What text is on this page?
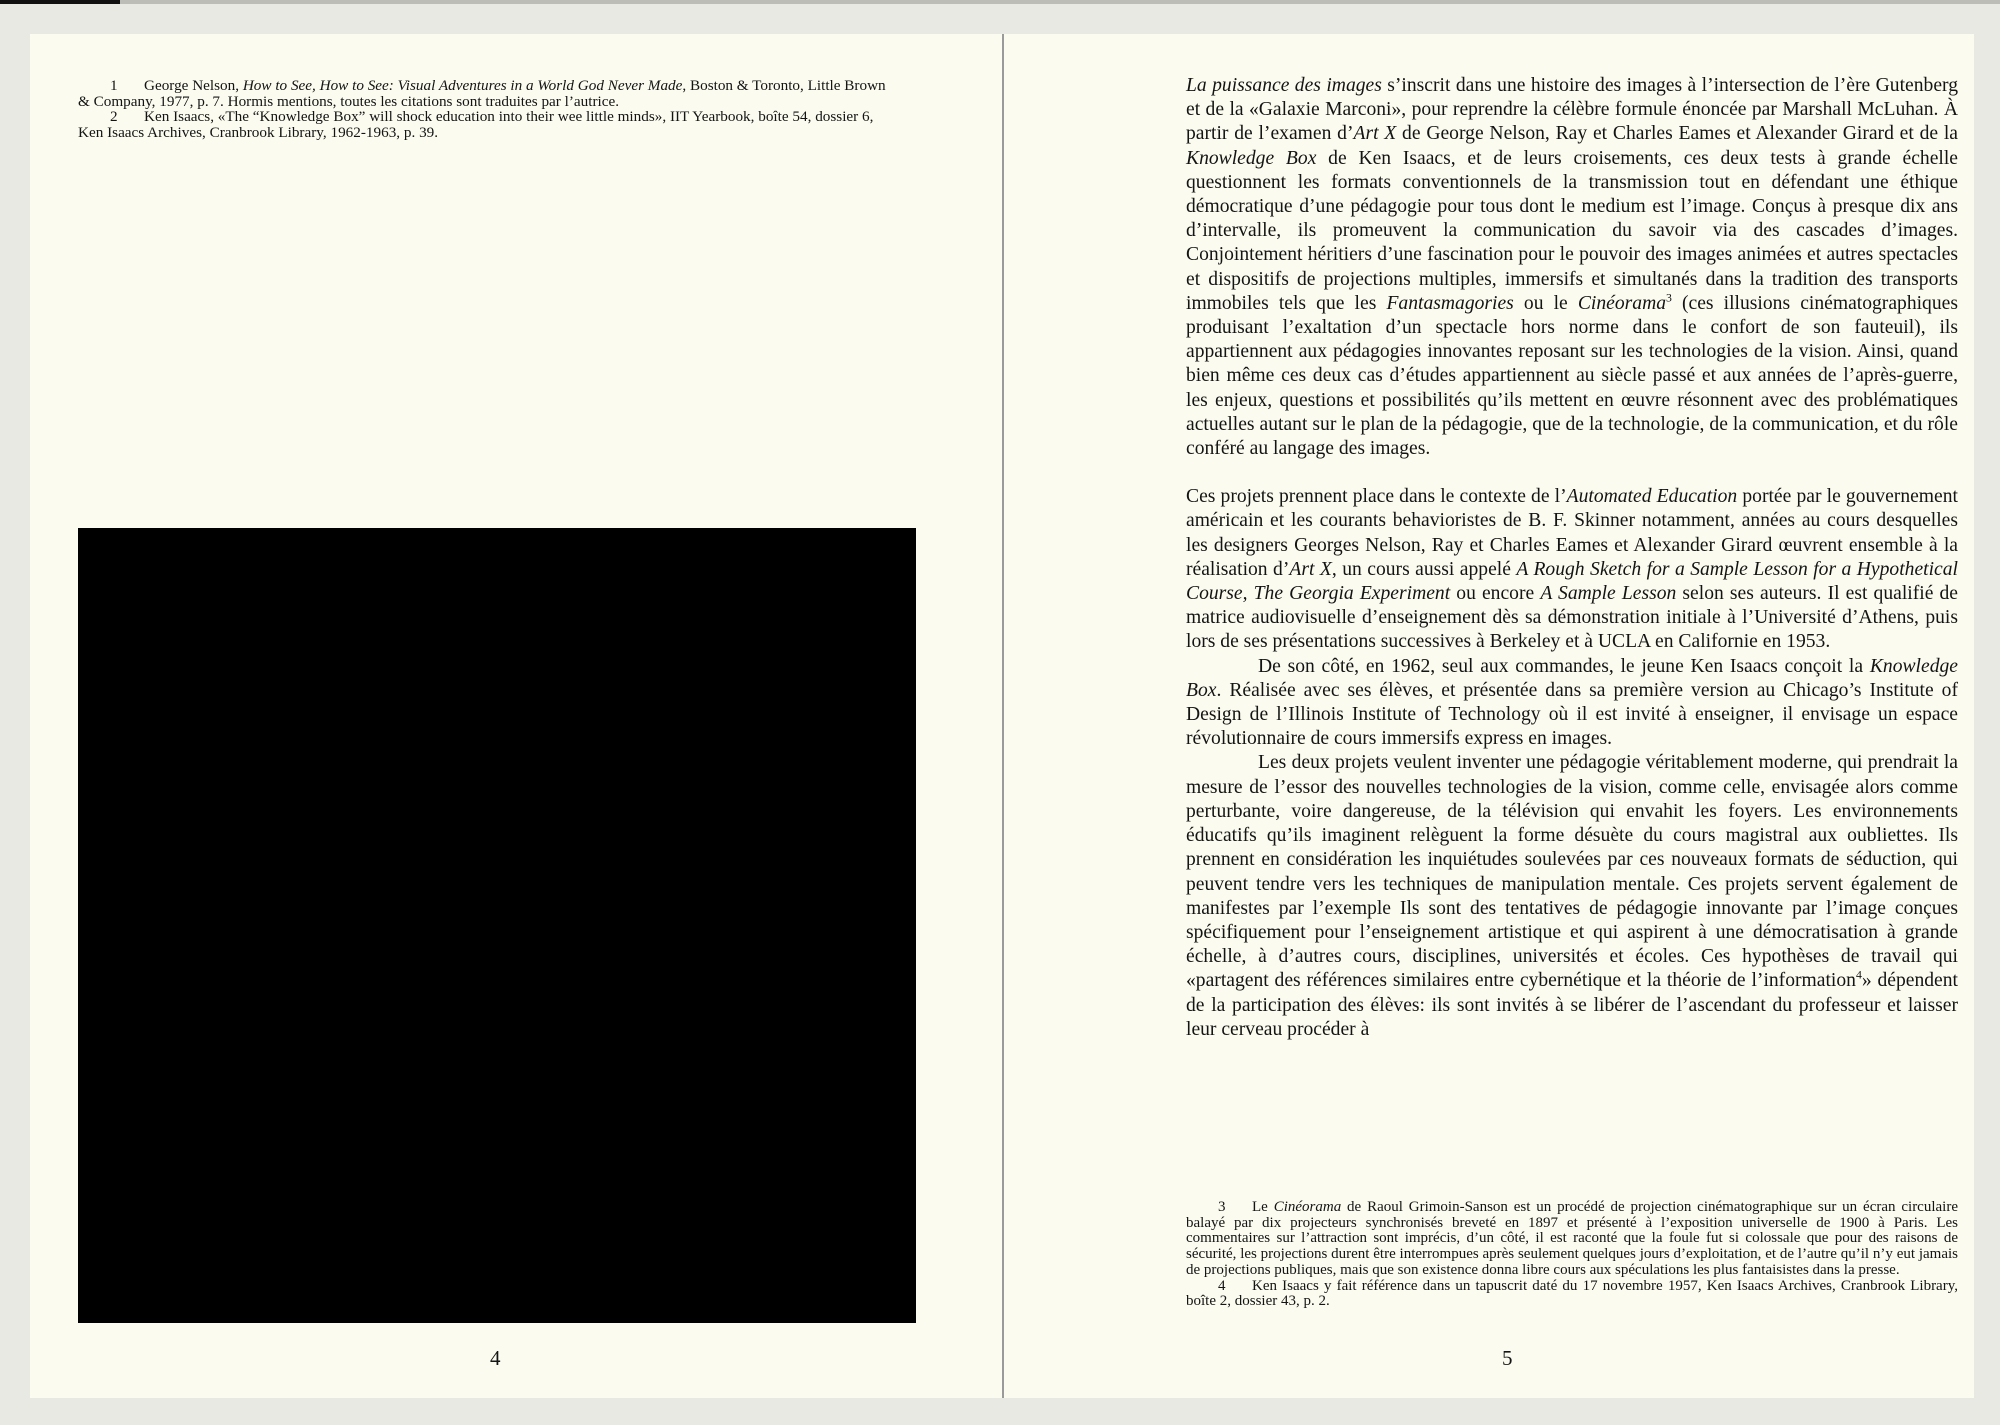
1 George Nelson, How to See, How to See: Visual Adventures in a World God Never Made, Boston & Toronto, Little Brown & Company, 1977, p. 7. Hormis mentions, toutes les citations sont traduites par l’autrice.

2 Ken Isaacs, «The “Knowledge Box” will shock education into their wee little minds», IIT Yearbook, boîte 54, dossier 6, Ken Isaacs Archives, Cranbrook Library, 1962-1963, p. 39.

4

La puissance des images s’inscrit dans une histoire des images à l’intersection de l’ère Gutenberg et de la «Galaxie Marconi», pour reprendre la célèbre formule énoncée par Marshall McLuhan. À partir de l’examen d’Art X de George Nelson, Ray et Charles Eames et Alexander Girard et de la Knowledge Box de Ken Isaacs, et de leurs croisements, ces deux tests à grande échelle questionnent les formats conventionnels de la transmission tout en défendant une éthique démocratique d’une pédagogie pour tous dont le medium est l’image. Conçus à presque dix ans d’intervalle, ils promeuvent la communication du savoir via des cascades d’images. Conjointement héritiers d’une fascination pour le pouvoir des images animées et autres spectacles et dispositifs de projections multiples, immersifs et simultanés dans la tradition des transports immobiles tels que les Fantasmagories ou le Cinéorama$^3$ (ces illusions cinématographiques produisant l’exaltation d’un spectacle hors norme dans le confort de son fauteuil), ils appartiennent aux pédagogies innovantes reposant sur les technologies de la vision. Ainsi, quand bien même ces deux cas d’études appartiennent au siècle passé et aux années de l’après-guerre, les enjeux, questions et possibilités qu’ils mettent en œuvre résonnent avec des problématiques actuelles autant sur le plan de la pédagogie, que de la technologie, de la communication, et du rôle conféré au langage des images.

Ces projets prennent place dans le contexte de l’Automated Education portée par le gouvernement américain et les courants behavioristes de B. F. Skinner notamment, années au cours desquelles les designers Georges Nelson, Ray et Charles Eames et Alexander Girard œuvrent ensemble à la réalisation d’Art X, un cours aussi appelé A Rough Sketch for a Sample Lesson for a Hypothetical Course, The Georgia Experiment ou encore A Sample Lesson selon ses auteurs. Il est qualifié de matrice audiovisuelle d’enseignement dès sa démonstration initiale à l’Université d’Athens, puis lors de ses présentations successives à Berkeley et à UCLA en Californie en 1953.

De son côté, en 1962, seul aux commandes, le jeune Ken Isaacs conçoit la Knowledge Box. Réalisée avec ses élèves, et présentée dans sa première version au Chicago’s Institute of Design de l’Illinois Institute of Technology où il est invité à enseigner, il envisage un espace révolutionnaire de cours immersifs express en images.

Les deux projets veulent inventer une pédagogie véritablement moderne, qui prendrait la mesure de l’essor des nouvelles technologies de la vision, comme celle, envisagée alors comme perturbante, voire dangereuse, de la télévision qui envahit les foyers. Les environnements éducatifs qu’ils imaginent relèguent la forme désuète du cours magistral aux oubliettes. Ils prennent en considération les inquiétudes soulevées par ces nouveaux formats de séduction, qui peuvent tendre vers les techniques de manipulation mentale. Ces projets servent également de manifestes par l’exemple Ils sont des tentatives de pédagogie innovante par l’image conçues spécifiquement pour l’enseignement artistique et qui aspirent à une démocratisation à grande échelle, à d’autres cours, disciplines, universités et écoles. Ces hypothèses de travail qui «partagent des références similaires entre cybernétique et la théorie de l’information$^4$» dépendent de la participation des élèves: ils sont invités à se libérer de l’ascendant du professeur et laisser leur cerveau procéder à

3 Le Cinéorama de Raoul Grimoin-Sanson est un procédé de projection cinématographique sur un écran circulaire balayé par dix projecteurs synchronisés breveté en 1897 et présenté à l’exposition universelle de 1900 à Paris. Les commentaires sur l’attraction sont imprécis, d’un côté, il est raconté que la foule fut si colossale que pour des raisons de sécurité, les projections durent être interrompues après seulement quelques jours d’exploitation, et de l’autre qu’il n’y eut jamais de projections publiques, mais que son existence donna libre cours aux spéculations les plus fantaisistes dans la presse.

4 Ken Isaacs y fait référence dans un tapuscrit daté du 17 novembre 1957, Ken Isaacs Archives, Cranbrook Library, boîte 2, dossier 43, p. 2.

5
